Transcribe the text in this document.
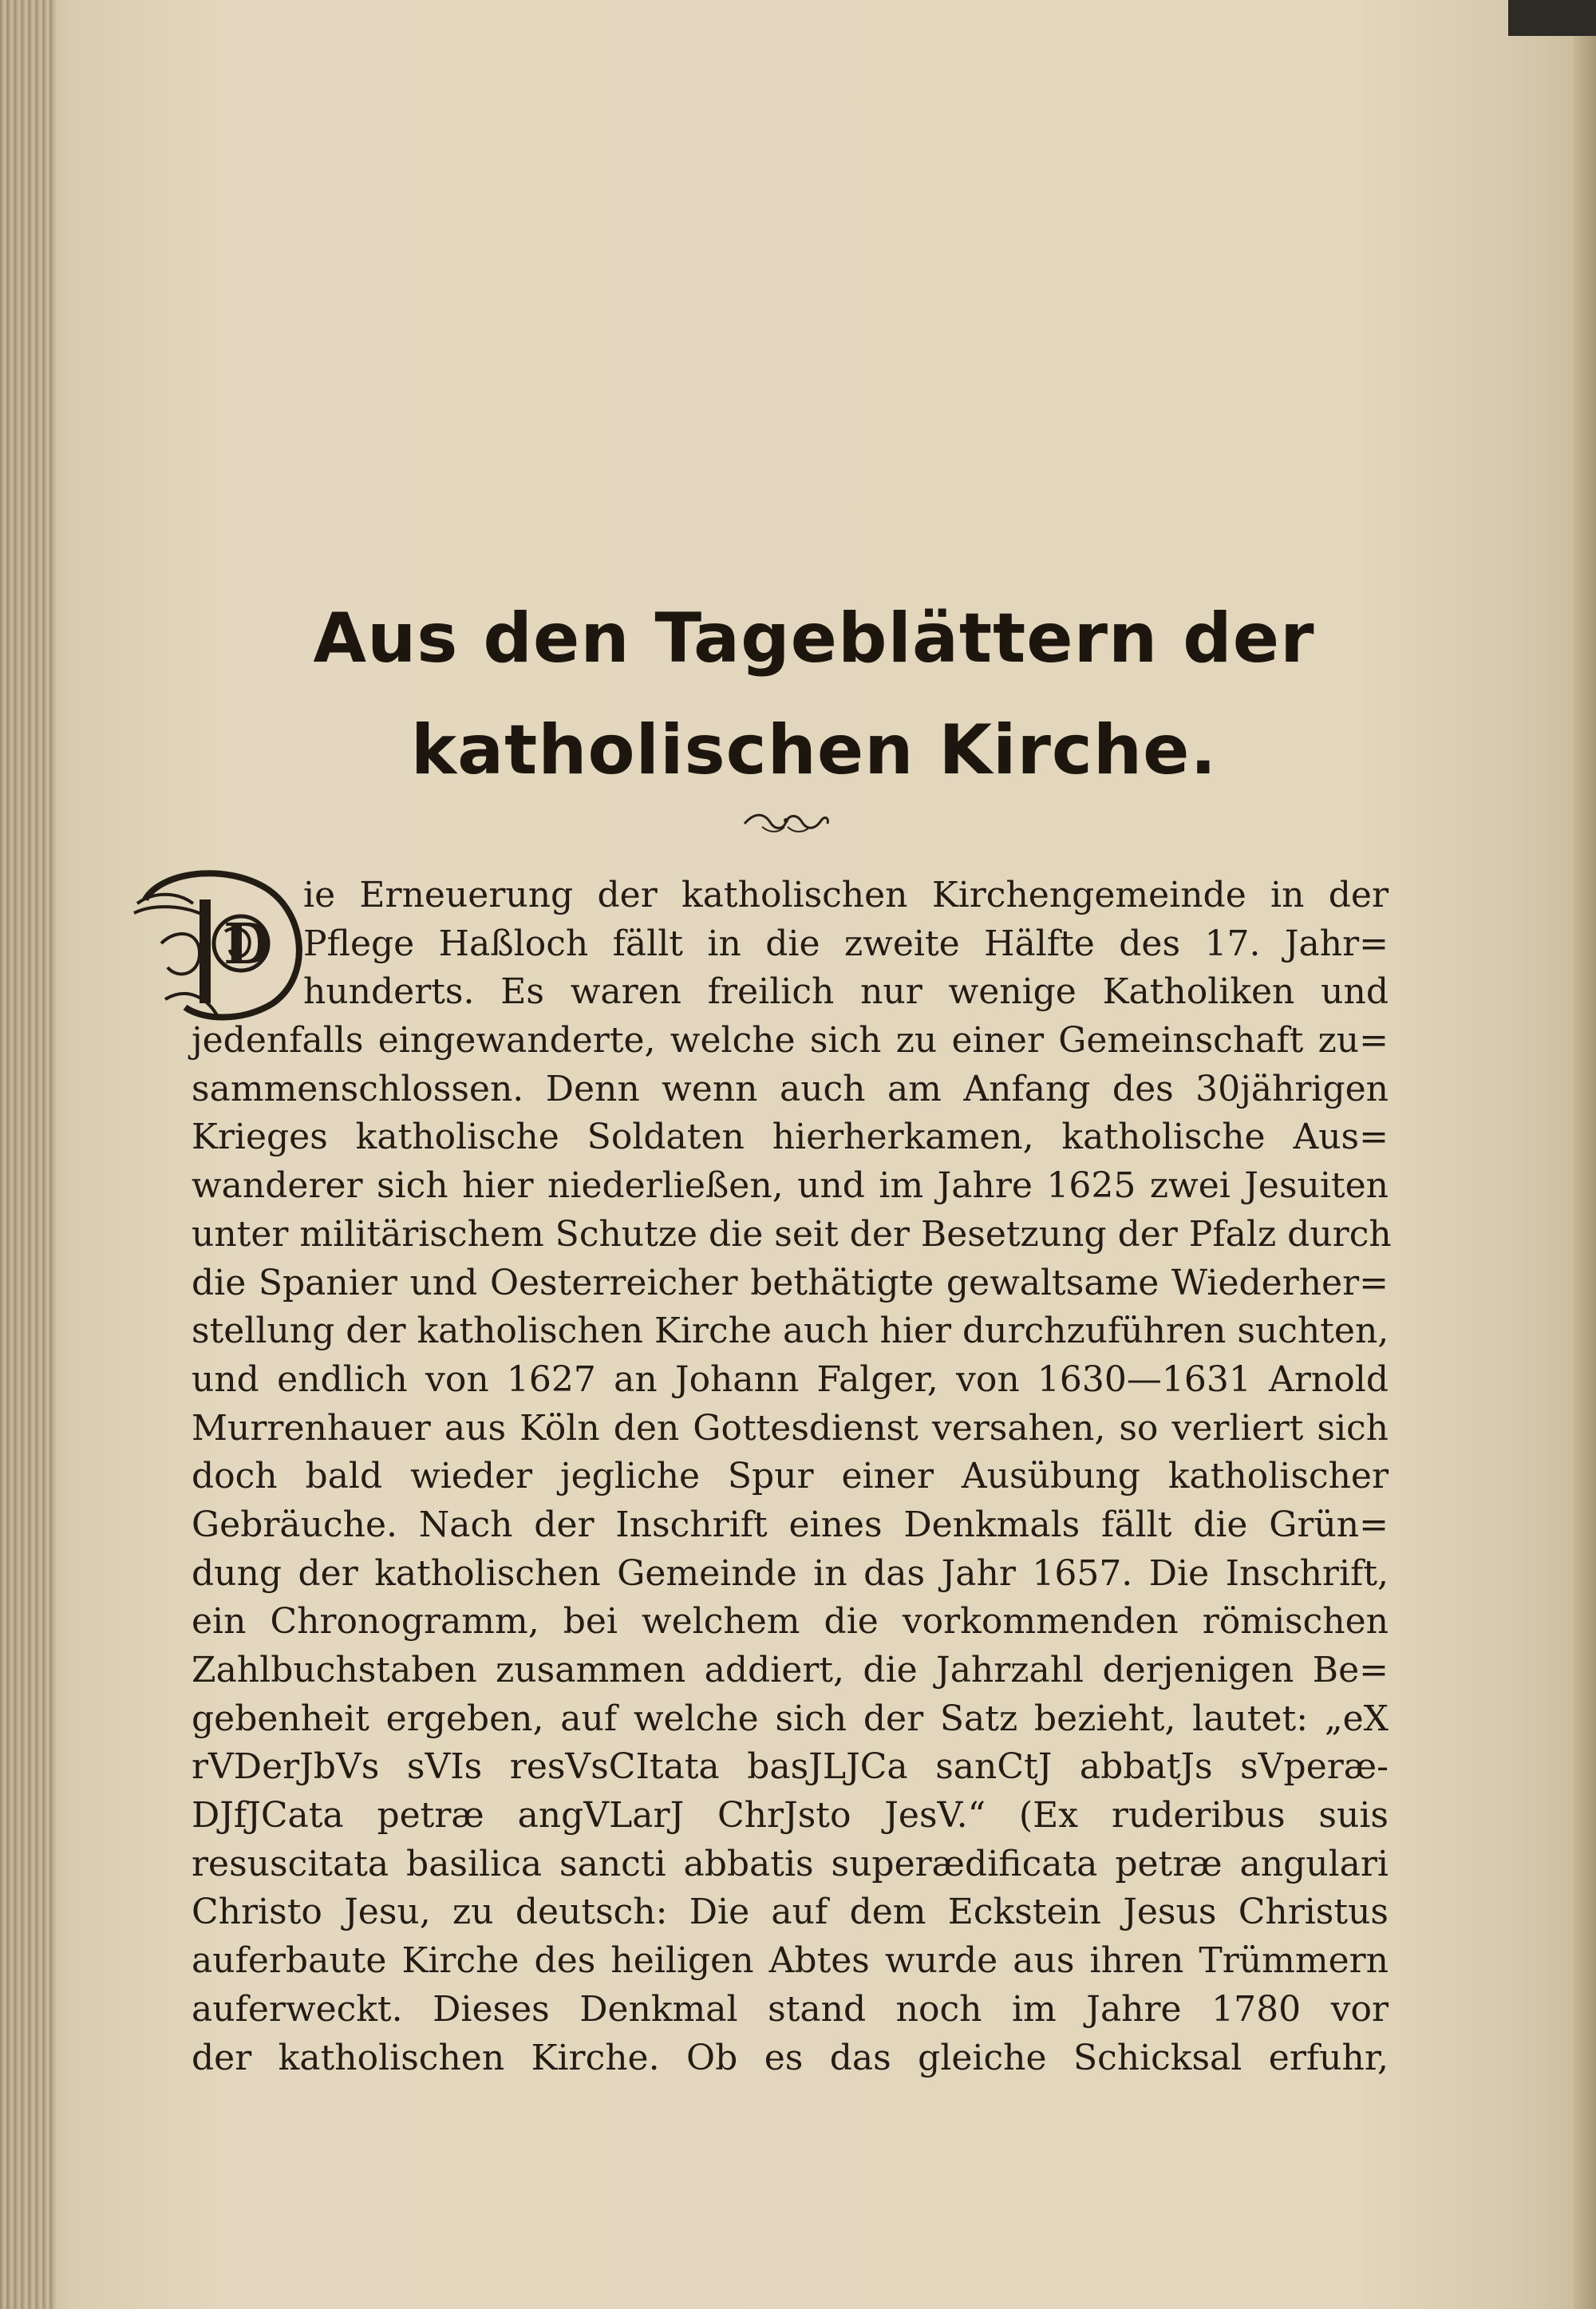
Aus den Tageblättern der
katholischen Kirche.
D
ie Erneuerung der katholischen Kirchengemeinde in der
Pflege Haßloch fällt in die zweite Hälfte des 17. Jahr=
hunderts. Es waren freilich nur wenige Katholiken und
jedenfalls eingewanderte, welche sich zu einer Gemeinschaft zu=
sammenschlossen. Denn wenn auch am Anfang des 30jährigen
Krieges katholische Soldaten hierherkamen, katholische Aus=
wanderer sich hier niederließen, und im Jahre 1625 zwei Jesuiten
unter militärischem Schutze die seit der Besetzung der Pfalz durch
die Spanier und Oesterreicher bethätigte gewaltsame Wiederher=
stellung der katholischen Kirche auch hier durchzuführen suchten,
und endlich von 1627 an Johann Falger, von 1630—1631 Arnold
Murrenhauer aus Köln den Gottesdienst versahen, so verliert sich
doch bald wieder jegliche Spur einer Ausübung katholischer
Gebräuche. Nach der Inschrift eines Denkmals fällt die Grün=
dung der katholischen Gemeinde in das Jahr 1657. Die Inschrift,
ein Chronogramm, bei welchem die vorkommenden römischen
Zahlbuchstaben zusammen addiert, die Jahrzahl derjenigen Be=
gebenheit ergeben, auf welche sich der Satz bezieht, lautet: „eX
rVDerJbVs sVIs resVsCItata basJLJCa sanCtJ abbatJs sVperæ-
DJfJCata petræ angVLarJ ChrJsto JesV.“ (Ex ruderibus suis
resuscitata basilica sancti abbatis superædificata petræ angulari
Christo Jesu, zu deutsch: Die auf dem Eckstein Jesus Christus
auferbaute Kirche des heiligen Abtes wurde aus ihren Trümmern
auferweckt. Dieses Denkmal stand noch im Jahre 1780 vor
der katholischen Kirche. Ob es das gleiche Schicksal erfuhr,
